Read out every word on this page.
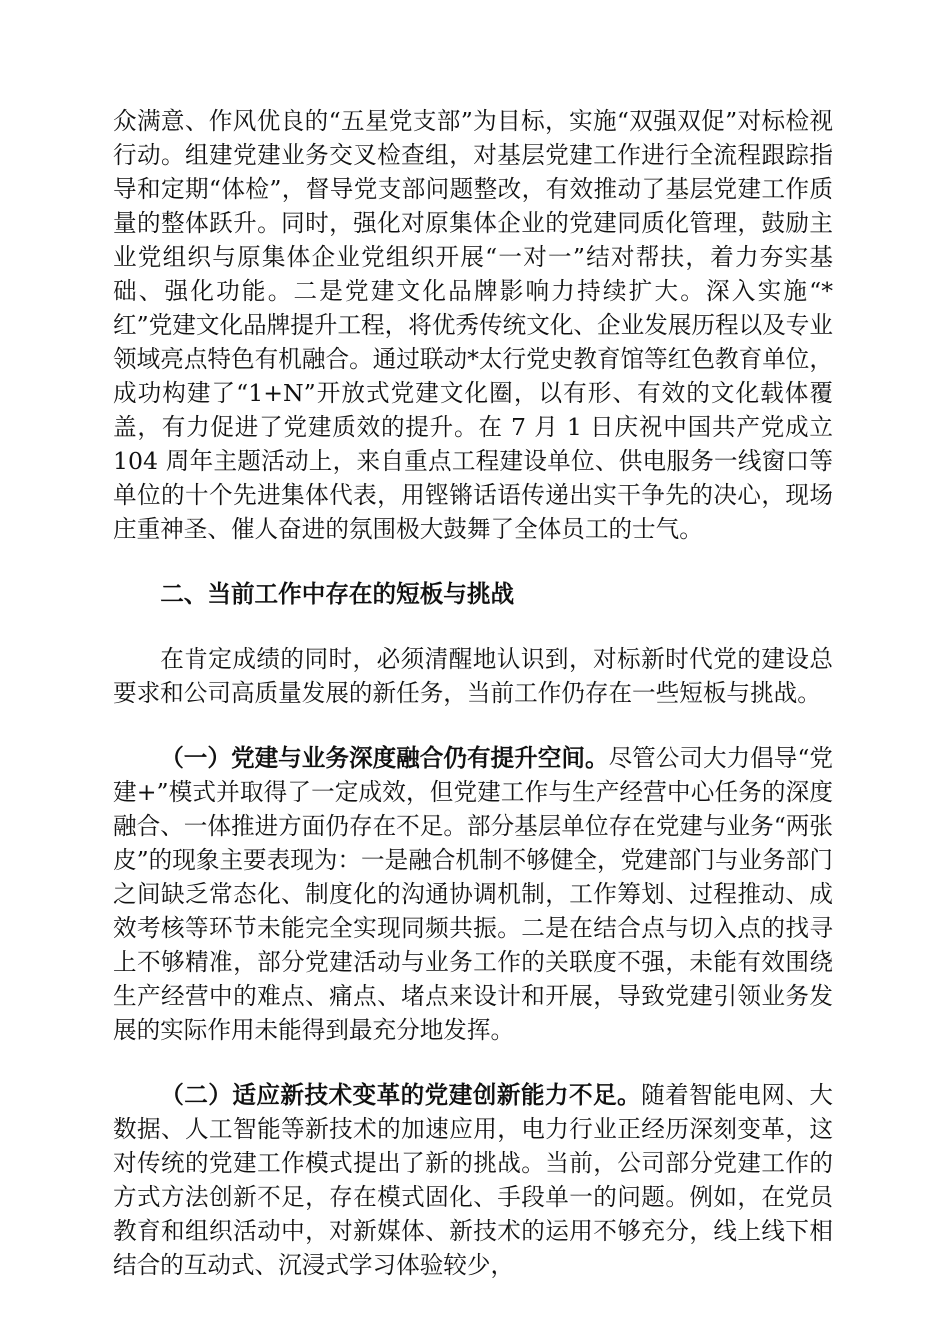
众满意、作风优良的“五星党支部”为目标，实施“双强双促”对标检视行动。组建党建业务交叉检查组，对基层党建工作进行全流程跟踪指导和定期“体检”，督导党支部问题整改，有效推动了基层党建工作质量的整体跃升。同时，强化对原集体企业的党建同质化管理，鼓励主业党组织与原集体企业党组织开展“一对一”结对帮扶，着力夯实基础、强化功能。二是党建文化品牌影响力持续扩大。深入实施“*红”党建文化品牌提升工程，将优秀传统文化、企业发展历程以及专业领域亮点特色有机融合。通过联动*太行党史教育馆等红色教育单位，成功构建了“1+N”开放式党建文化圈，以有形、有效的文化载体覆盖，有力促进了党建质效的提升。在 7 月 1 日庆祝中国共产党成立 104 周年主题活动上，来自重点工程建设单位、供电服务一线窗口等单位的十个先进集体代表，用铿锵话语传递出实干争先的决心，现场庄重神圣、催人奋进的氛围极大鼓舞了全体员工的士气。

二、当前工作中存在的短板与挑战

在肯定成绩的同时，必须清醒地认识到，对标新时代党的建设总要求和公司高质量发展的新任务，当前工作仍存在一些短板与挑战。

（一）党建与业务深度融合仍有提升空间。尽管公司大力倡导“党建+”模式并取得了一定成效，但党建工作与生产经营中心任务的深度融合、一体推进方面仍存在不足。部分基层单位存在党建与业务“两张皮”的现象主要表现为：一是融合机制不够健全，党建部门与业务部门之间缺乏常态化、制度化的沟通协调机制，工作筹划、过程推动、成效考核等环节未能完全实现同频共振。二是在结合点与切入点的找寻上不够精准，部分党建活动与业务工作的关联度不强，未能有效围绕生产经营中的难点、痛点、堵点来设计和开展，导致党建引领业务发展的实际作用未能得到最充分地发挥。

（二）适应新技术变革的党建创新能力不足。随着智能电网、大数据、人工智能等新技术的加速应用，电力行业正经历深刻变革，这对传统的党建工作模式提出了新的挑战。当前，公司部分党建工作的方式方法创新不足，存在模式固化、手段单一的问题。例如，在党员教育和组织活动中，对新媒体、新技术的运用不够充分，线上线下相结合的互动式、沉浸式学习体验较少，
